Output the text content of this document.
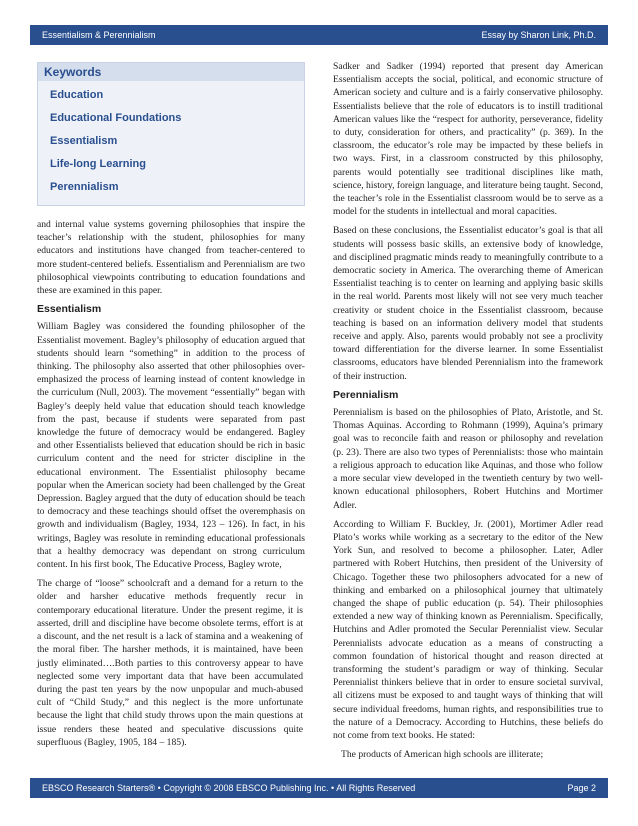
Essentialism & Perennialism	Essay by Sharon Link, Ph.D.
Keywords
Education
Educational Foundations
Essentialism
Life-long Learning
Perennialism

and internal value systems governing philosophies that inspire the teacher’s relationship with the student, philosophies for many educators and institutions have changed from teacher-centered to more student-centered beliefs. Essentialism and Perennialism are two philosophical viewpoints contributing to education foundations and these are examined in this paper.

Essentialism

William Bagley was considered the founding philosopher of the Essentialist movement. Bagley’s philosophy of education argued that students should learn “something” in addition to the process of thinking. The philosophy also asserted that other philosophies over-emphasized the process of learning instead of content knowledge in the curriculum (Null, 2003). The movement “essentially” began with Bagley’s deeply held value that education should teach knowledge from the past, because if students were separated from past knowledge the future of democracy would be endangered. Bagley and other Essentialists believed that education should be rich in basic curriculum content and the need for stricter discipline in the educational environment. The Essentialist philosophy became popular when the American society had been challenged by the Great Depression. Bagley argued that the duty of education should be teach to democracy and these teachings should offset the overemphasis on growth and individualism (Bagley, 1934, 123 – 126). In fact, in his writings, Bagley was resolute in reminding educational professionals that a healthy democracy was dependant on strong curriculum content. In his first book, The Educative Process, Bagley wrote,

The charge of “loose” schoolcraft and a demand for a return to the older and harsher educative methods frequently recur in contemporary educational literature. Under the present regime, it is asserted, drill and discipline have become obsolete terms, effort is at a discount, and the net result is a lack of stamina and a weakening of the moral fiber. The harsher methods, it is maintained, have been justly eliminated….Both parties to this controversy appear to have neglected some very important data that have been accumulated during the past ten years by the now unpopular and much-abused cult of “Child Study,” and this neglect is the more unfortunate because the light that child study throws upon the main questions at issue renders these heated and speculative discussions quite superfluous (Bagley, 1905, 184 – 185).

Sadker and Sadker (1994) reported that present day American Essentialism accepts the social, political, and economic structure of American society and culture and is a fairly conservative philosophy. Essentialists believe that the role of educators is to instill traditional American values like the “respect for authority, perseverance, fidelity to duty, consideration for others, and practicality” (p. 369). In the classroom, the educator’s role may be impacted by these beliefs in two ways. First, in a classroom constructed by this philosophy, parents would potentially see traditional disciplines like math, science, history, foreign language, and literature being taught. Second, the teacher’s role in the Essentialist classroom would be to serve as a model for the students in intellectual and moral capacities.

Based on these conclusions, the Essentialist educator’s goal is that all students will possess basic skills, an extensive body of knowledge, and disciplined pragmatic minds ready to meaningfully contribute to a democratic society in America. The overarching theme of American Essentialist teaching is to center on learning and applying basic skills in the real world. Parents most likely will not see very much teacher creativity or student choice in the Essentialist classroom, because teaching is based on an information delivery model that students receive and apply. Also, parents would probably not see a proclivity toward differentiation for the diverse learner. In some Essentialist classrooms, educators have blended Perennialism into the framework of their instruction.

Perennialism

Perennialism is based on the philosophies of Plato, Aristotle, and St. Thomas Aquinas. According to Rohmann (1999), Aquina’s primary goal was to reconcile faith and reason or philosophy and revelation (p. 23). There are also two types of Perennialists: those who maintain a religious approach to education like Aquinas, and those who follow a more secular view developed in the twentieth century by two well-known educational philosophers, Robert Hutchins and Mortimer Adler.

According to William F. Buckley, Jr. (2001), Mortimer Adler read Plato’s works while working as a secretary to the editor of the New York Sun, and resolved to become a philosopher. Later, Adler partnered with Robert Hutchins, then president of the University of Chicago. Together these two philosophers advocated for a new of thinking and embarked on a philosophical journey that ultimately changed the shape of public education (p. 54). Their philosophies extended a new way of thinking known as Perennialism. Specifically, Hutchins and Adler promoted the Secular Perennialist view. Secular Perennialists advocate education as a means of constructing a common foundation of historical thought and reason directed at transforming the student’s paradigm or way of thinking. Secular Perennialist thinkers believe that in order to ensure societal survival, all citizens must be exposed to and taught ways of thinking that will secure individual freedoms, human rights, and responsibilities true to the nature of a Democracy. According to Hutchins, these beliefs do not come from text books. He stated:

The products of American high schools are illiterate;

EBSCO Research Starters® • Copyright © 2008 EBSCO Publishing Inc. • All Rights Reserved	Page 2
